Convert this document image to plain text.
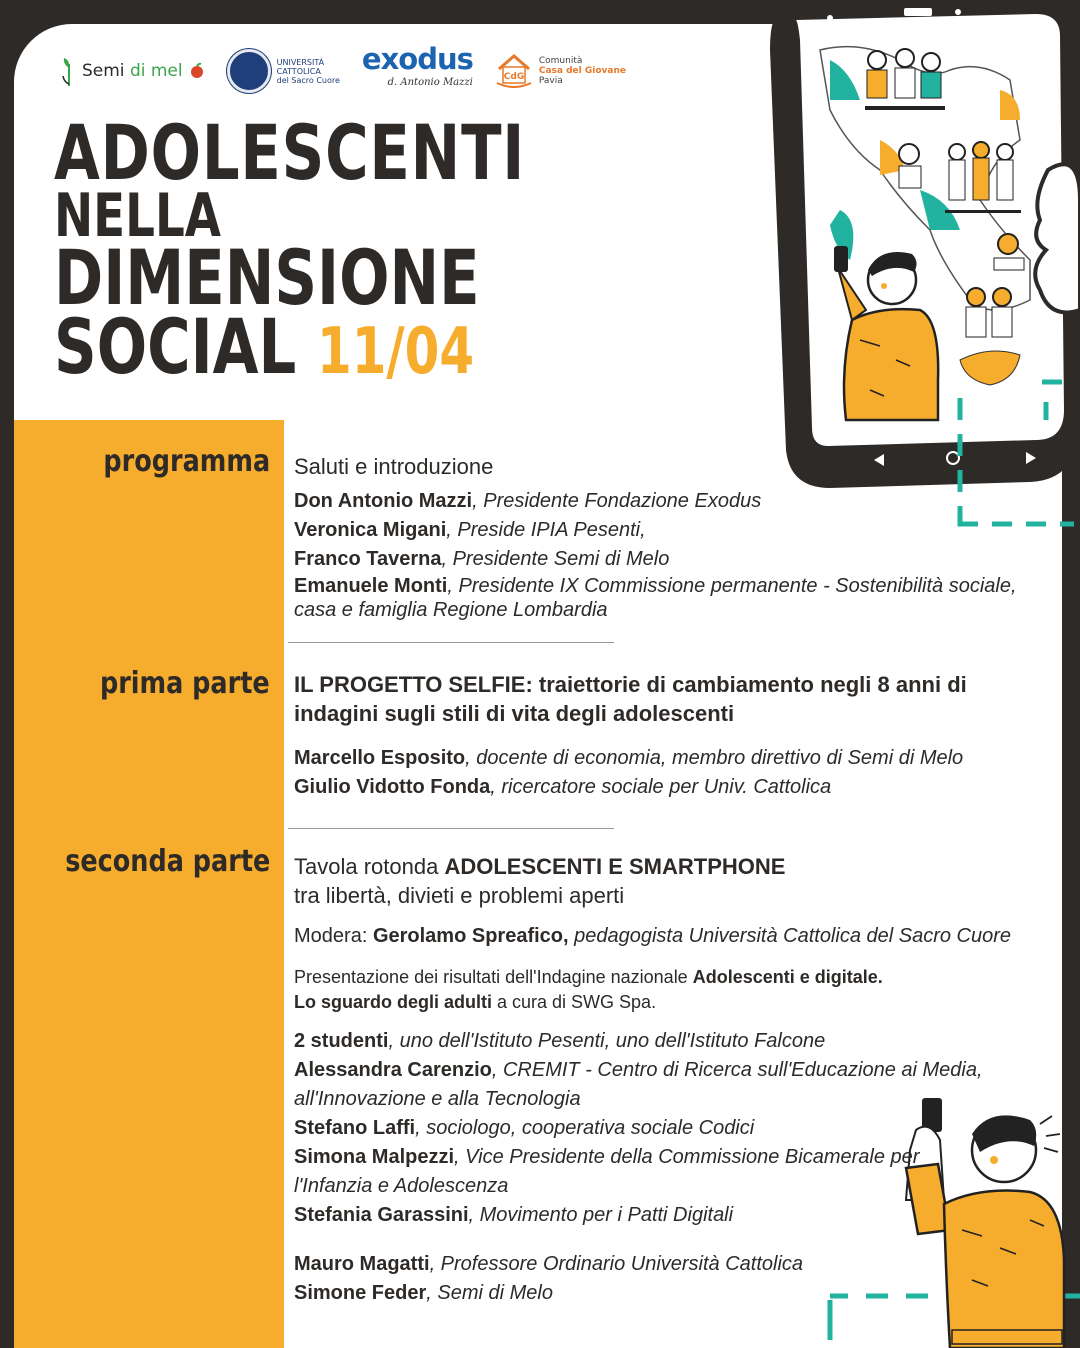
Semi di mel	UNIVERSITÀ
CATTOLICA
del Sacro Cuore
exodus
d. Antonio Mazzi	CdG
Comunità
Casa del Giovane
Pavia
ADOLESCENTI
NELLA
DIMENSIONE
SOCIAL 11/04
programma
prima parte
seconda parte
Saluti e introduzione
Don Antonio Mazzi, Presidente Fondazione Exodus
Veronica Migani, Preside IPIA Pesenti,
Franco Taverna, Presidente Semi di Melo
Emanuele Monti, Presidente IX Commissione permanente - Sostenibilità sociale,
casa e famiglia Regione Lombardia
IL PROGETTO SELFIE: traiettorie di cambiamento negli 8 anni di
indagini sugli stili di vita degli adolescenti
Marcello Esposito, docente di economia, membro direttivo di Semi di Melo
Giulio Vidotto Fonda, ricercatore sociale per Univ. Cattolica
Tavola rotonda ADOLESCENTI E SMARTPHONE
tra libertà, divieti e problemi aperti
Modera: Gerolamo Spreafico, pedagogista Università Cattolica del Sacro Cuore
Presentazione dei risultati dell'Indagine nazionale Adolescenti e digitale.
Lo sguardo degli adulti a cura di SWG Spa.
2 studenti, uno dell'Istituto Pesenti, uno dell'Istituto Falcone
Alessandra Carenzio, CREMIT - Centro di Ricerca sull'Educazione ai Media,
all'Innovazione e alla Tecnologia
Stefano Laffi, sociologo, cooperativa sociale Codici
Simona Malpezzi, Vice Presidente della Commissione Bicamerale per
l'Infanzia e Adolescenza
Stefania Garassini, Movimento per i Patti Digitali
Mauro Magatti, Professore Ordinario Università Cattolica
Simone Feder, Semi di Melo
